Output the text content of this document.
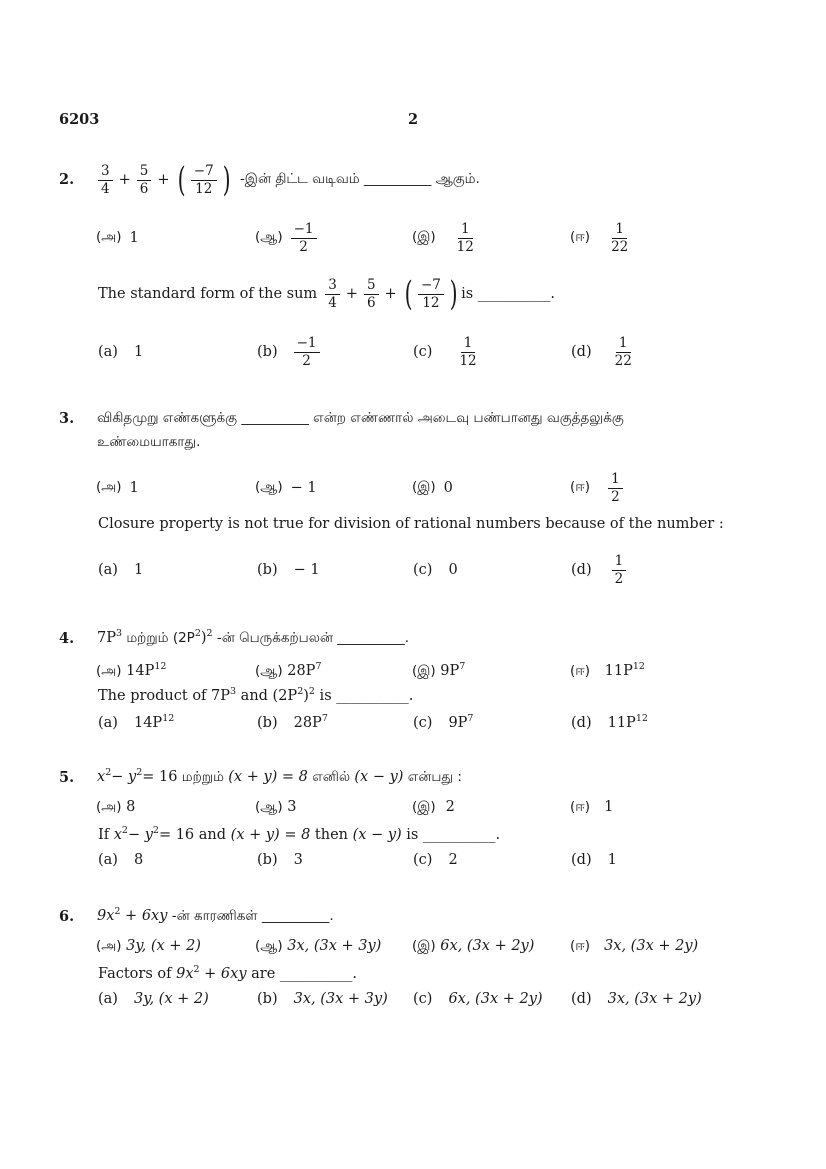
6203	2
2. $\frac{3}{4} + \frac{5}{6}$ + ( $\frac{-7}{12}$ ) -இன் திட்ட வடிவம் __________ ஆகும்.
(அ) 1	(ஆ) $\frac{-1}{2}$	(இ) $\frac{1}{12}$	(ஈ) $\frac{1}{22}$
The standard form of the sum $\frac{3}{4} + \frac{5}{6}$ + ( $\frac{-7}{12}$ ) is __________.
(a) 1	$(b) \frac{-1}{2}$	$(c) \frac{1}{12}$	$(d) \frac{1}{22}$
3. விகிதமுறு எண்களுக்கு __________ என்ற எண்ணால் அடைவு பண்பானது வகுத்தலுக்கு
உண்மையாகாது.
(அ) 1	(ஆ) − 1	(இ) 0	(ஈ) $\frac{1}{2}$
Closure property is not true for division of rational numbers because of the number :
(a) 1	(b) − 1	(c) 0	$(d) \frac{1}{2}$
4. $7P^3$ மற்றும் $(2P^2)^2$ -ன் பெருக்கற்பலன் __________.
(அ) $14P^{12}$	(ஆ) $28P^7$	(இ) $9P^7$	(ஈ) $11P^{12}$
The product of $7P^3$ and $(2P^2)^2$ is __________.
(a) $14P^{12}$	(b) $28P^7$	(c) $9P^7$	(d) $11P^{12}$
5. $x^2- y^2= 16$ மற்றும் (x + y) = 8 எனில் (x − y) என்பது :
(அ) 8	(ஆ) 3	(இ) 2	(ஈ) 1
If $x^2- y^2= 16$ and (x + y) = 8 then (x − y) is __________.
(a) 8	(b) 3	(c) 2	(d) 1
6. $9x^2 + 6xy$ -ன் காரணிகள் __________.
(அ) 3y, (x + 2)	(ஆ) 3x, (3x + 3y) (இ) 6x, (3x + 2y)	(ஈ) 3x, (3x + 2y)
Factors of $9x^2 + 6xy$ are __________.
(a) 3y, (x + 2)	(b) 3x, (3x + 3y) (c) 6x, (3x + 2y) (d) 3x, (3x + 2y)
